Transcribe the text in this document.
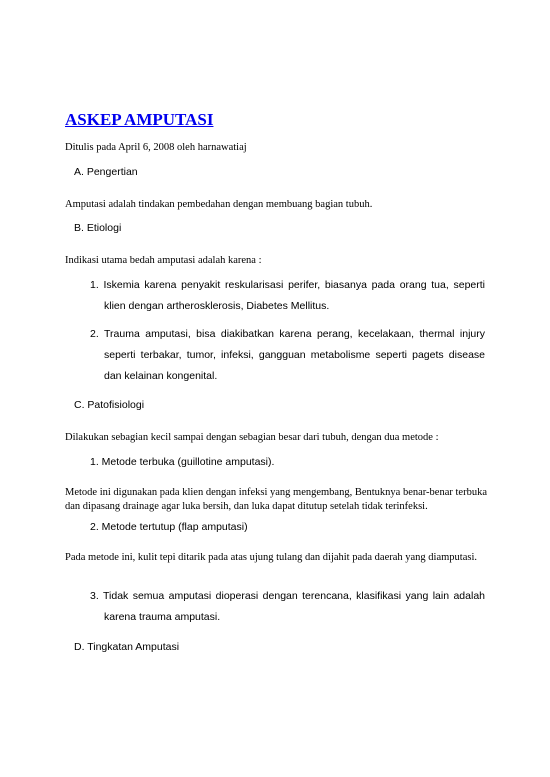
ASKEP AMPUTASI
Ditulis pada April 6, 2008 oleh harnawatiaj
A. Pengertian
Amputasi adalah tindakan pembedahan dengan membuang bagian tubuh.
B. Etiologi
Indikasi utama bedah amputasi adalah karena :
1. Iskemia karena penyakit reskularisasi perifer, biasanya pada orang tua, seperti klien dengan artherosklerosis, Diabetes Mellitus.
2. Trauma amputasi, bisa diakibatkan karena perang, kecelakaan, thermal injury seperti terbakar, tumor, infeksi, gangguan metabolisme seperti pagets disease dan kelainan kongenital.
C. Patofisiologi
Dilakukan sebagian kecil sampai dengan sebagian besar dari tubuh, dengan dua metode :
1. Metode terbuka (guillotine amputasi).
Metode ini digunakan pada klien dengan infeksi yang mengembang, Bentuknya benar-benar terbuka dan dipasang drainage agar luka bersih, dan luka dapat ditutup setelah tidak terinfeksi.
2. Metode tertutup (flap amputasi)
Pada metode ini, kulit tepi ditarik pada atas ujung tulang dan dijahit pada daerah yang diamputasi.
3. Tidak semua amputasi dioperasi dengan terencana, klasifikasi yang lain adalah karena trauma amputasi.
D. Tingkatan Amputasi
